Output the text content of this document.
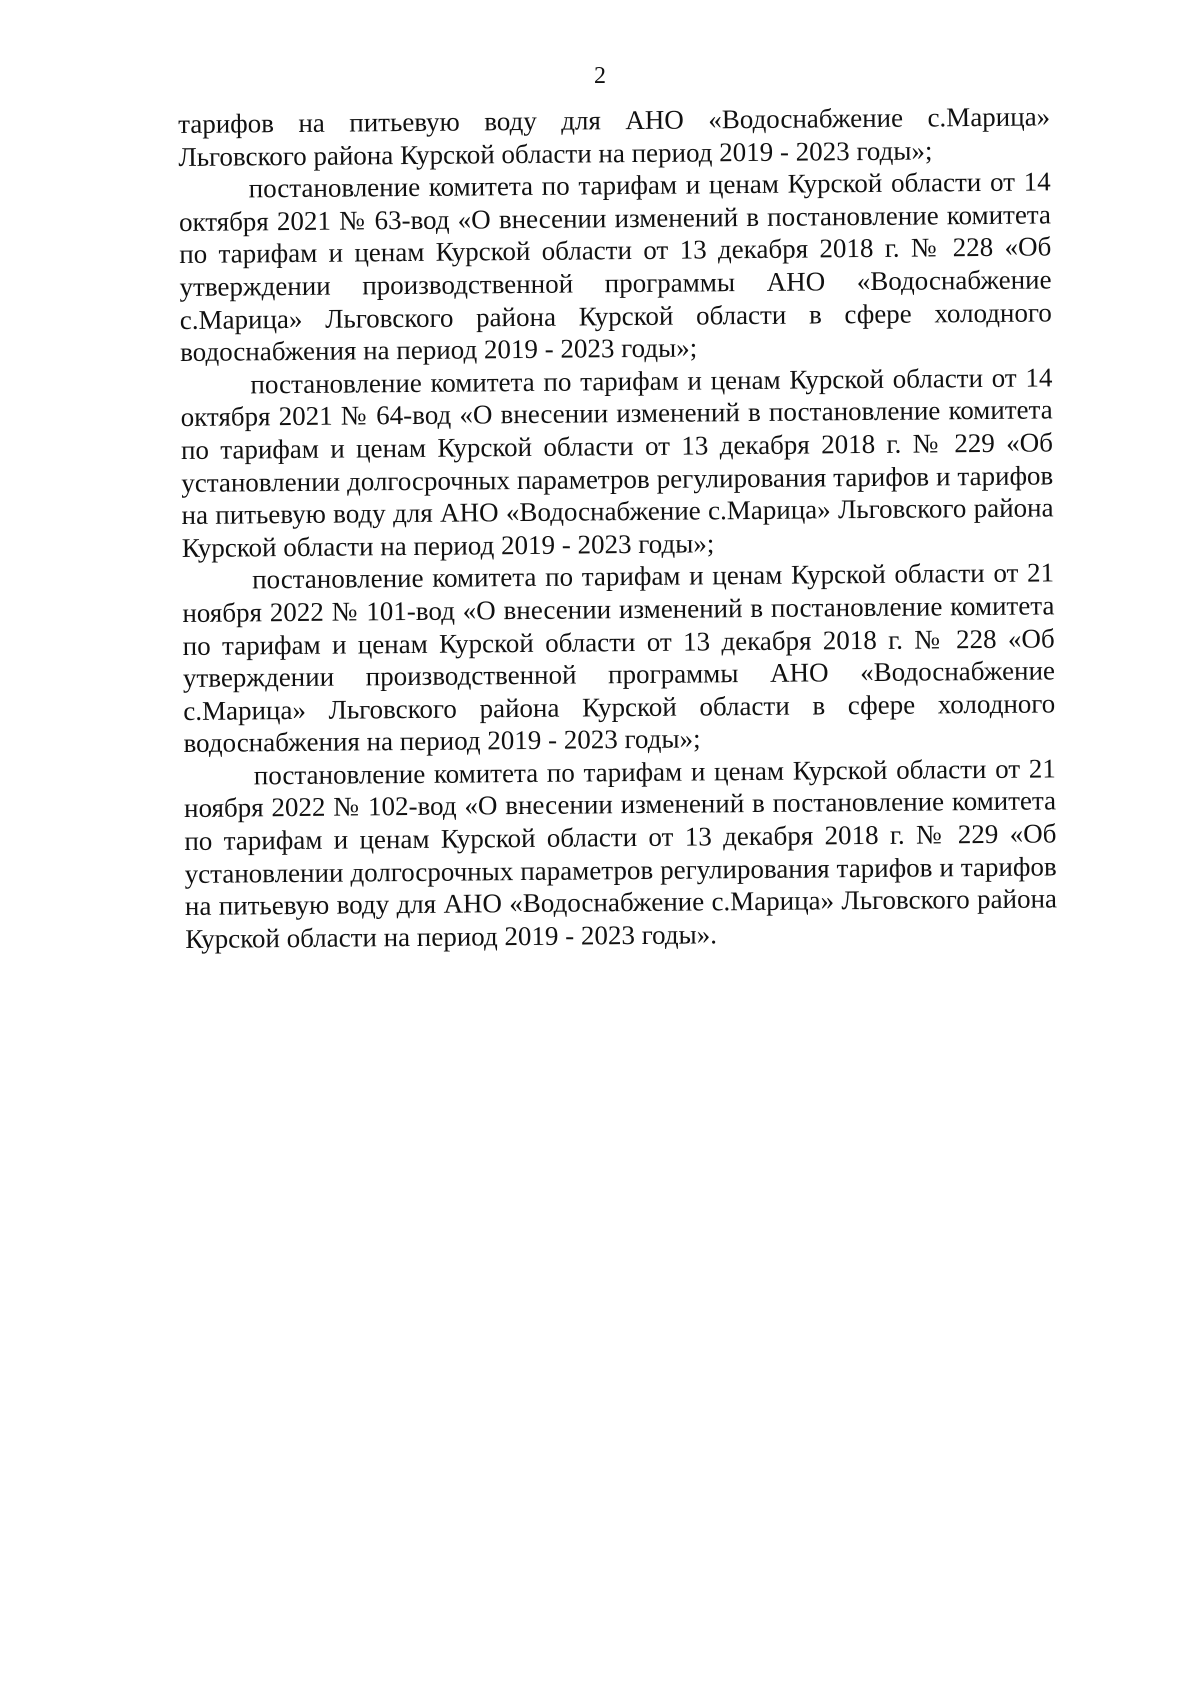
2

тарифов на питьевую воду для АНО «Водоснабжение с.Марица» Льговского района Курской области на период 2019 - 2023 годы»;

постановление комитета по тарифам и ценам Курской области от 14 октября 2021 № 63-вод «О внесении изменений в постановление комитета по тарифам и ценам Курской области от 13 декабря 2018 г. № 228 «Об утверждении производственной программы АНО «Водоснабжение с.Марица» Льговского района Курской области в сфере холодного водоснабжения на период 2019 - 2023 годы»;

постановление комитета по тарифам и ценам Курской области от 14 октября 2021 № 64-вод «О внесении изменений в постановление комитета по тарифам и ценам Курской области от 13 декабря 2018 г. № 229 «Об установлении долгосрочных параметров регулирования тарифов и тарифов на питьевую воду для АНО «Водоснабжение с.Марица» Льговского района Курской области на период 2019 - 2023 годы»;

постановление комитета по тарифам и ценам Курской области от 21 ноября 2022 № 101-вод «О внесении изменений в постановление комитета по тарифам и ценам Курской области от 13 декабря 2018 г. № 228 «Об утверждении производственной программы АНО «Водоснабжение с.Марица» Льговского района Курской области в сфере холодного водоснабжения на период 2019 - 2023 годы»;

постановление комитета по тарифам и ценам Курской области от 21 ноября 2022 № 102-вод «О внесении изменений в постановление комитета по тарифам и ценам Курской области от 13 декабря 2018 г. № 229 «Об установлении долгосрочных параметров регулирования тарифов и тарифов на питьевую воду для АНО «Водоснабжение с.Марица» Льговского района Курской области на период 2019 - 2023 годы».
